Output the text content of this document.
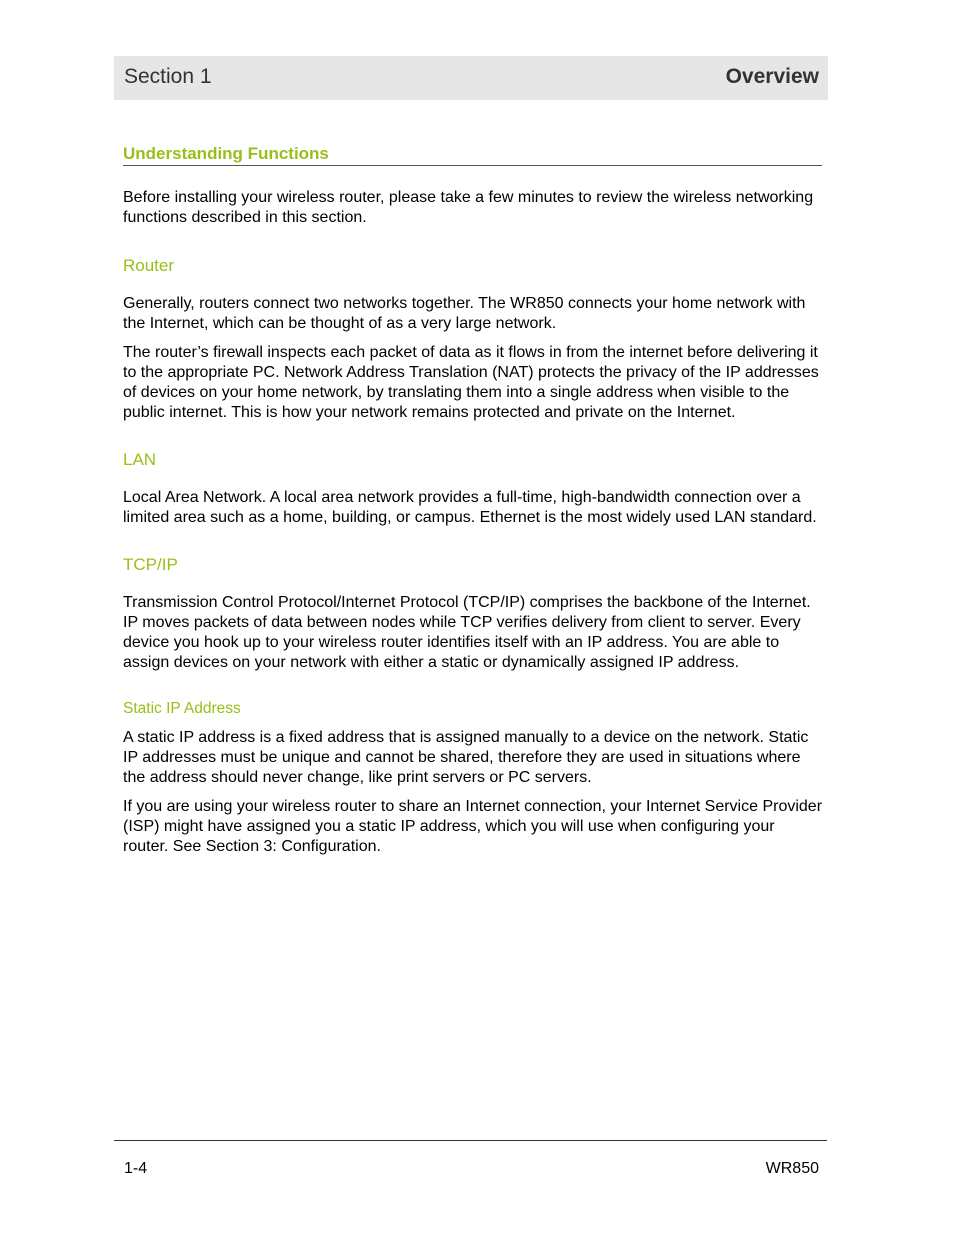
Section 1	Overview
Understanding Functions

Before installing your wireless router, please take a few minutes to review the wireless networking functions described in this section.

Router

Generally, routers connect two networks together. The WR850 connects your home network with the Internet, which can be thought of as a very large network.

The router’s firewall inspects each packet of data as it flows in from the internet before delivering it to the appropriate PC. Network Address Translation (NAT) protects the privacy of the IP addresses of devices on your home network, by translating them into a single address when visible to the public internet. This is how your network remains protected and private on the Internet.

LAN

Local Area Network. A local area network provides a full-time, high-bandwidth connection over a limited area such as a home, building, or campus. Ethernet is the most widely used LAN standard.

TCP/IP

Transmission Control Protocol/Internet Protocol (TCP/IP) comprises the backbone of the Internet. IP moves packets of data between nodes while TCP verifies delivery from client to server. Every device you hook up to your wireless router identifies itself with an IP address. You are able to assign devices on your network with either a static or dynamically assigned IP address.

Static IP Address

A static IP address is a fixed address that is assigned manually to a device on the network. Static IP addresses must be unique and cannot be shared, therefore they are used in situations where the address should never change, like print servers or PC servers.

If you are using your wireless router to share an Internet connection, your Internet Service Provider (ISP) might have assigned you a static IP address, which you will use when configuring your router. See Section 3: Configuration.

1-4	WR850
